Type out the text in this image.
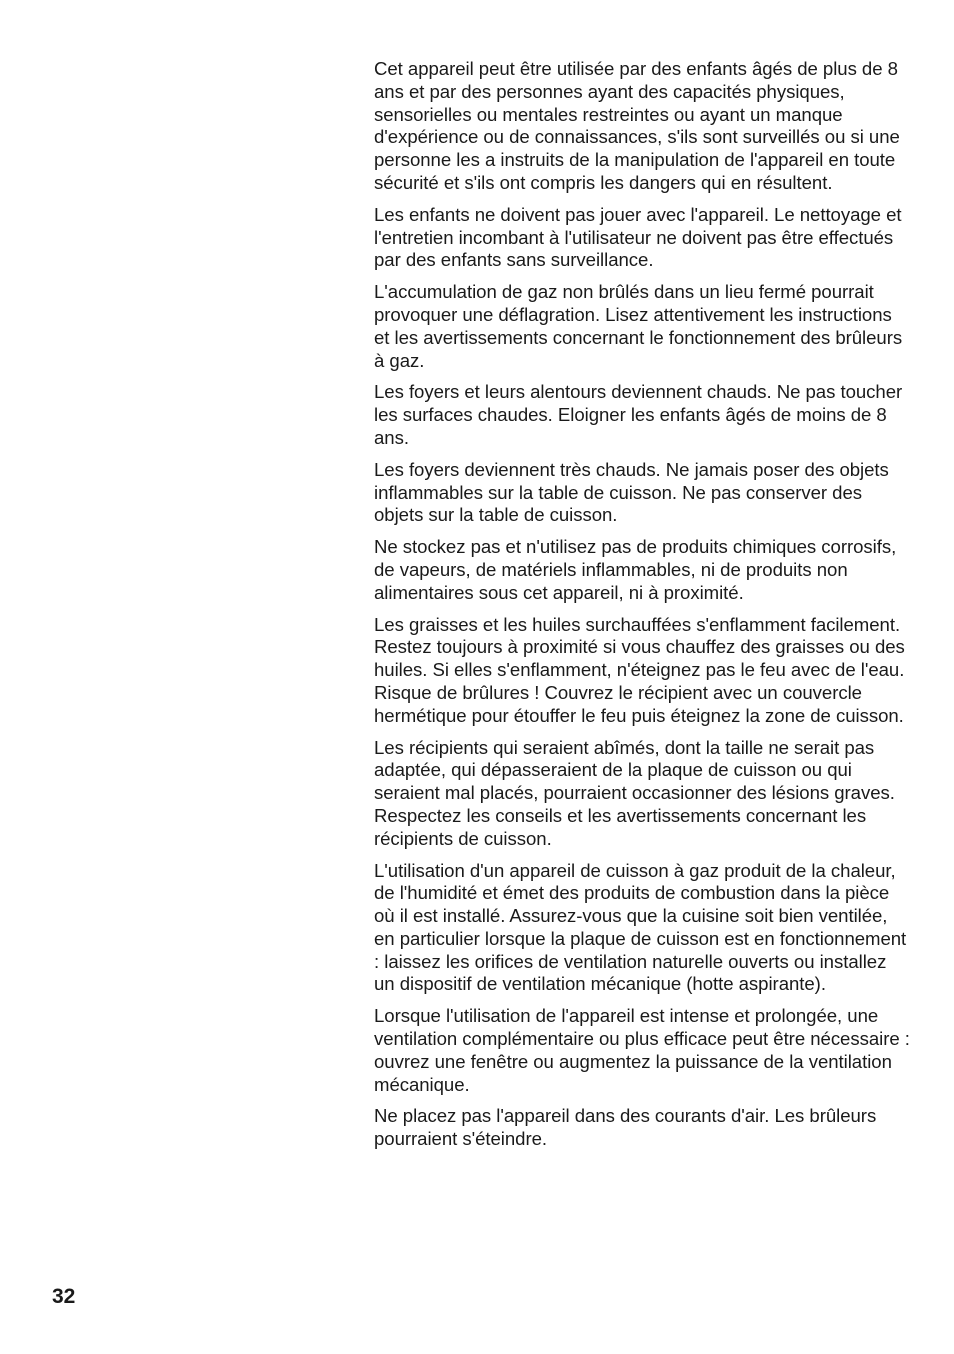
Cet appareil peut être utilisée par des enfants âgés de plus de 8 ans et par des personnes ayant des capacités physiques, sensorielles ou mentales restreintes ou ayant un manque d'expérience ou de connaissances, s'ils sont surveillés ou si une personne les a instruits de la manipulation de l'appareil en toute sécurité et s'ils ont compris les dangers qui en résultent.

Les enfants ne doivent pas jouer avec l'appareil. Le nettoyage et l'entretien incombant à l'utilisateur ne doivent pas être effectués par des enfants sans surveillance.

L'accumulation de gaz non brûlés dans un lieu fermé pourrait provoquer une déflagration. Lisez attentivement les instructions et les avertissements concernant le fonctionnement des brûleurs à gaz.

Les foyers et leurs alentours deviennent chauds. Ne pas toucher les surfaces chaudes. Eloigner les enfants âgés de moins de 8 ans.

Les foyers deviennent très chauds. Ne jamais poser des objets inflammables sur la table de cuisson. Ne pas conserver des objets sur la table de cuisson.

Ne stockez pas et n'utilisez pas de produits chimiques corrosifs, de vapeurs, de matériels inflammables, ni de produits non alimentaires sous cet appareil, ni à proximité.

Les graisses et les huiles surchauffées s'enflamment facilement. Restez toujours à proximité si vous chauffez des graisses ou des huiles. Si elles s'enflamment, n'éteignez pas le feu avec de l'eau. Risque de brûlures ! Couvrez le récipient avec un couvercle hermétique pour étouffer le feu puis éteignez la zone de cuisson.

Les récipients qui seraient abîmés, dont la taille ne serait pas adaptée, qui dépasseraient de la plaque de cuisson ou qui seraient mal placés, pourraient occasionner des lésions graves. Respectez les conseils et les avertissements concernant les récipients de cuisson.

L'utilisation d'un appareil de cuisson à gaz produit de la chaleur, de l'humidité et émet des produits de combustion dans la pièce où il est installé. Assurez-vous que la cuisine soit bien ventilée, en particulier lorsque la plaque de cuisson est en fonctionnement : laissez les orifices de ventilation naturelle ouverts ou installez un dispositif de ventilation mécanique (hotte aspirante).

Lorsque l'utilisation de l'appareil est intense et prolongée, une ventilation complémentaire ou plus efficace peut être nécessaire : ouvrez une fenêtre ou augmentez la puissance de la ventilation mécanique.

Ne placez pas l'appareil dans des courants d'air. Les brûleurs pourraient s'éteindre.

32
